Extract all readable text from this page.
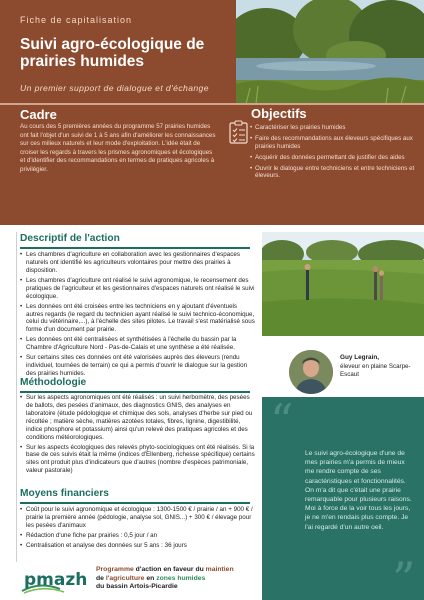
Fiche de capitalisation
Suivi agro-écologique de prairies humides
Un premier support de dialogue et d'échange
Cadre
Au cours des 5 premières années du programme 57 prairies humides ont fait l'objet d'un suivi de 1 à 5 ans afin d'améliorer les connaissances sur ces milieux naturels et leur mode d'exploitation. L'idée était de croiser les regards à travers les prismes agronomiques et écologiques et d'identifier des recommandations en termes de pratiques agricoles à privilégier.
Objectifs
• Caractériser les prairies humides
• Faire des recommandations aux éleveurs spécifiques aux prairies humides
• Acquérir des données permettant de justifier des aides
• Ouvrir le dialogue entre techniciens et entre techniciens et éleveurs.
Descriptif de l'action
• Les chambres d'agriculture en collaboration avec les gestionnaires d'espaces naturels ont identifié les agriculteurs volontaires pour mettre des prairies à disposition.
• Les chambres d'agriculture ont réalisé le suivi agronomique, le recensement des pratiques de l'agriculteur et les gestionnaires d'espaces naturels ont réalisé le suivi écologique.
• Les données ont été croisées entre les techniciens en y ajoutant d'éventuels autres regards (le regard du technicien ayant réalisé le suivi technico-économique, celui du vétérinaire,...), à l'échelle des sites pilotes. Le travail s'est matérialisé sous forme d'un document par prairie.
• Les données ont été centralisées et synthétisées à l'échelle du bassin par la Chambre d'Agriculture Nord - Pas-de-Calais et une synthèse a été réalisée.
• Sur certains sites ces données ont été valorisées auprès des éleveurs (rendu individuel, tournées de terrain) ce qui a permis d'ouvrir le dialogue sur la gestion des prairies humides.
Méthodologie
• Sur les aspects agronomiques ont été réalisés : un suivi herbomètre, des pesées de ballots, des pesées d'animaux, des diagnostics GNIS, des analyses en laboratoire (étude pédologique et chimique des sols, analyses d'herbe sur pied ou récoltée ; matière sèche, matières azotées totales, fibres, lignine, digestibilité, indice phosphore et potassium) ainsi qu'un relevé des pratiques agricoles et des conditions météorologiques.
• Sur les aspects écologiques des relevés phyto-sociologiques ont été réalisés. Si la base de ces suivis était la même (indices d'Ellenberg, richesse spécifique) certains sites ont produit plus d'indicateurs que d'autres (nombre d'espèces patrimoniale, valeur pastorale)
Moyens financiers
• Coût pour le suivi agronomique et écologique : 1300-1500 € / prairie / an + 900 € / prairie la première année (pédologie, analyse sol, GNIS...) + 300 € / élevage pour les pesées d'animaux
• Rédaction d'une fiche par prairies : 0,5 jour / an
• Centralisation et analyse des données sur 5 ans : 36 jours
Guy Legrain,
éleveur en plaine Scarpe-Escaut
“
Le suivi agro-écologique d'une de mes prairies m'a permis de mieux me rendre compte de ses caractéristiques et fonctionnalités. On m'a dit que c'était une prairie remarquable pour plusieurs raisons. Moi à force de la voir tous les jours, je ne m'en rendais plus compte. Je l'ai regardé d'un autre oeil.
”
pmazh
Programme d'action en faveur du maintien
de l'agriculture en zones humides
du bassin Artois-Picardie
